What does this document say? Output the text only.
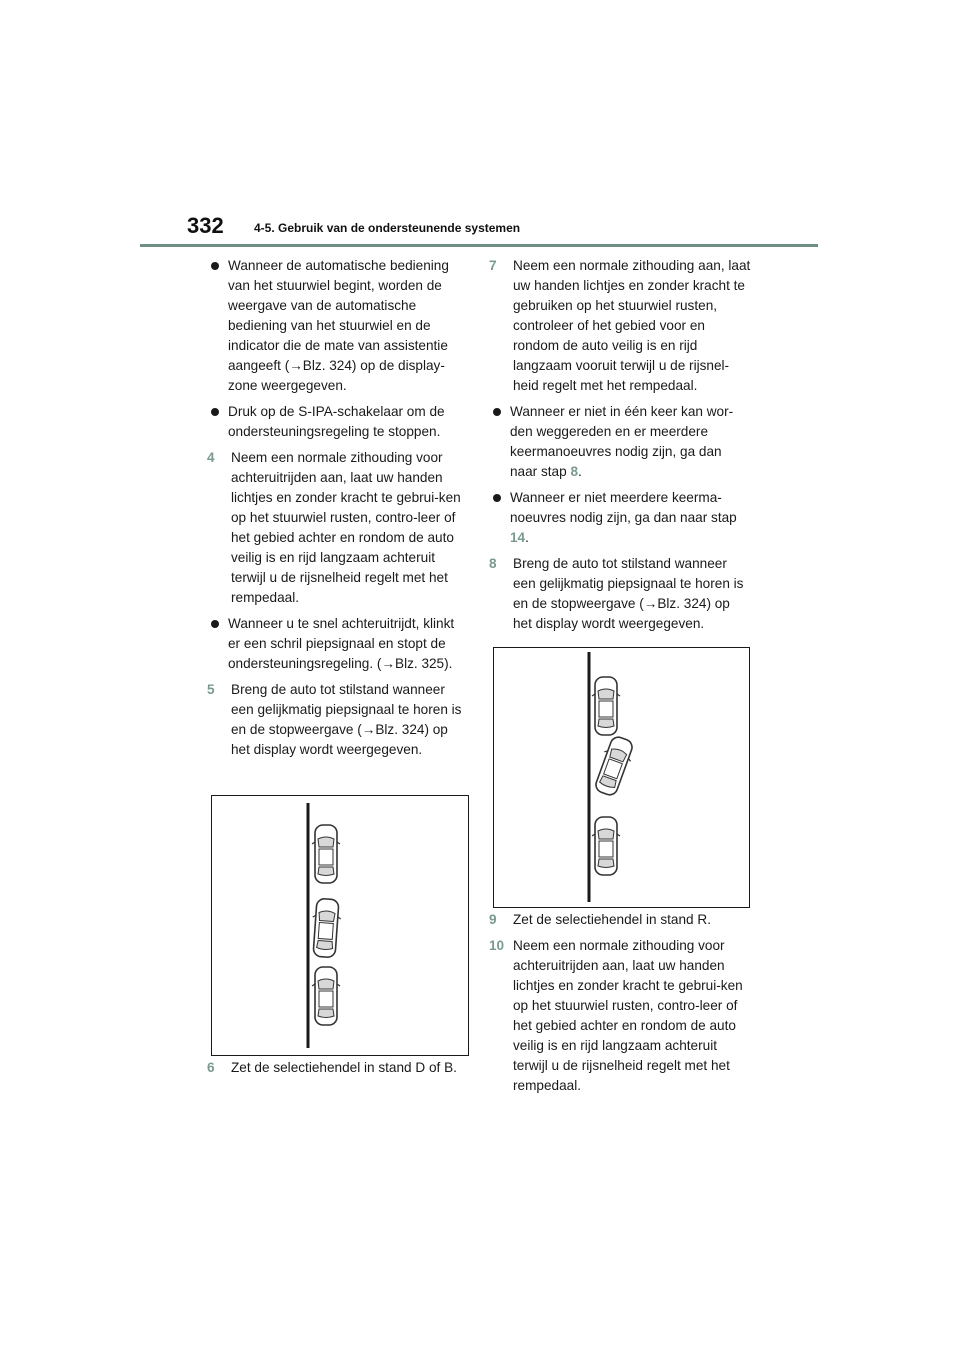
332	4-5. Gebruik van de ondersteunende systemen
Wanneer de automatische bediening van het stuurwiel begint, worden de weergave van de automatische bediening van het stuurwiel en de indicator die de mate van assistentie aangeeft (→Blz. 324) op de display-zone weergegeven.
Druk op de S-IPA-schakelaar om de ondersteuningsregeling te stoppen.
4 Neem een normale zithouding voor achteruitrijden aan, laat uw handen lichtjes en zonder kracht te gebrui-ken op het stuurwiel rusten, contro-leer of het gebied achter en rondom de auto veilig is en rijd langzaam achteruit terwijl u de rijsnelheid regelt met het rempedaal.
Wanneer u te snel achteruitrijdt, klinkt er een schril piepsignaal en stopt de ondersteuningsregeling. (→Blz. 325).
5 Breng de auto tot stilstand wanneer een gelijkmatig piepsignaal te horen is en de stopweergave (→Blz. 324) op het display wordt weergegeven.
6 Zet de selectiehendel in stand D of B.
7 Neem een normale zithouding aan, laat uw handen lichtjes en zonder kracht te gebruiken op het stuurwiel rusten, controleer of het gebied voor en rondom de auto veilig is en rijd langzaam vooruit terwijl u de rijsnel-heid regelt met het rempedaal.
Wanneer er niet in één keer kan wor-den weggereden en er meerdere keermanoeuvres nodig zijn, ga dan naar stap 8.
Wanneer er niet meerdere keerma-noeuvres nodig zijn, ga dan naar stap 14.
8 Breng de auto tot stilstand wanneer een gelijkmatig piepsignaal te horen is en de stopweergave (→Blz. 324) op het display wordt weergegeven.
9 Zet de selectiehendel in stand R.
10 Neem een normale zithouding voor achteruitrijden aan, laat uw handen lichtjes en zonder kracht te gebrui-ken op het stuurwiel rusten, contro-leer of het gebied achter en rondom de auto veilig is en rijd langzaam achteruit terwijl u de rijsnelheid regelt met het rempedaal.
